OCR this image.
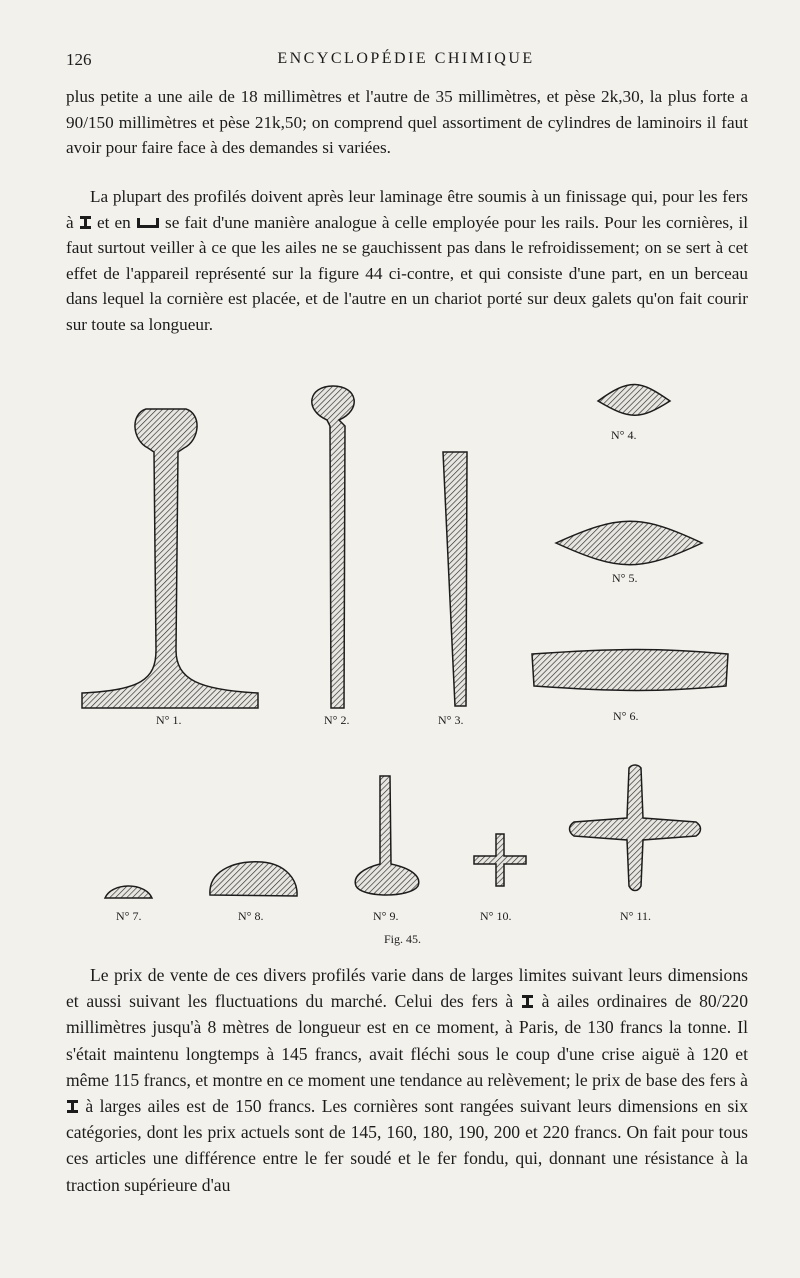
126	ENCYCLOPÉDIE CHIMIQUE

plus petite a une aile de 18 millimètres et l'autre de 35 millimètres, et pèse 2k,30, la plus forte a 90/150 millimètres et pèse 21k,50; on comprend quel assortiment de cylindres de laminoirs il faut avoir pour faire face à des demandes si variées.

La plupart des profilés doivent après leur laminage être soumis à un finissage qui, pour les fers à et en se fait d'une manière analogue à celle employée pour les rails. Pour les cornières, il faut surtout veiller à ce que les ailes ne se gauchissent pas dans le refroidissement; on se sert à cet effet de l'appareil représenté sur la figure 44 ci-contre, et qui consiste d'une part, en un berceau dans lequel la cornière est placée, et de l'autre en un chariot porté sur deux galets qu'on fait courir sur toute sa longueur.

N° 1.	N° 2.	N° 3.
N° 4.
N° 5.
N° 6.
N° 7.	N° 8.	N° 9.	N° 10.	N° 11.
Fig. 45.

Le prix de vente de ces divers profilés varie dans de larges limites suivant leurs dimensions et aussi suivant les fluctuations du marché. Celui des fers à à ailes ordinaires de 80/220 millimètres jusqu'à 8 mètres de longueur est en ce moment, à Paris, de 130 francs la tonne. Il s'était maintenu longtemps à 145 francs, avait fléchi sous le coup d'une crise aiguë à 120 et même 115 francs, et montre en ce moment une tendance au relèvement; le prix de base des fers à
à larges ailes est de 150 francs. Les cornières sont rangées suivant leurs dimensions en six catégories, dont les prix actuels sont de 145, 160, 180, 190, 200 et 220 francs. On fait pour tous ces articles une différence entre le fer soudé et le fer fondu, qui, donnant une résistance à la traction supérieure d'au
